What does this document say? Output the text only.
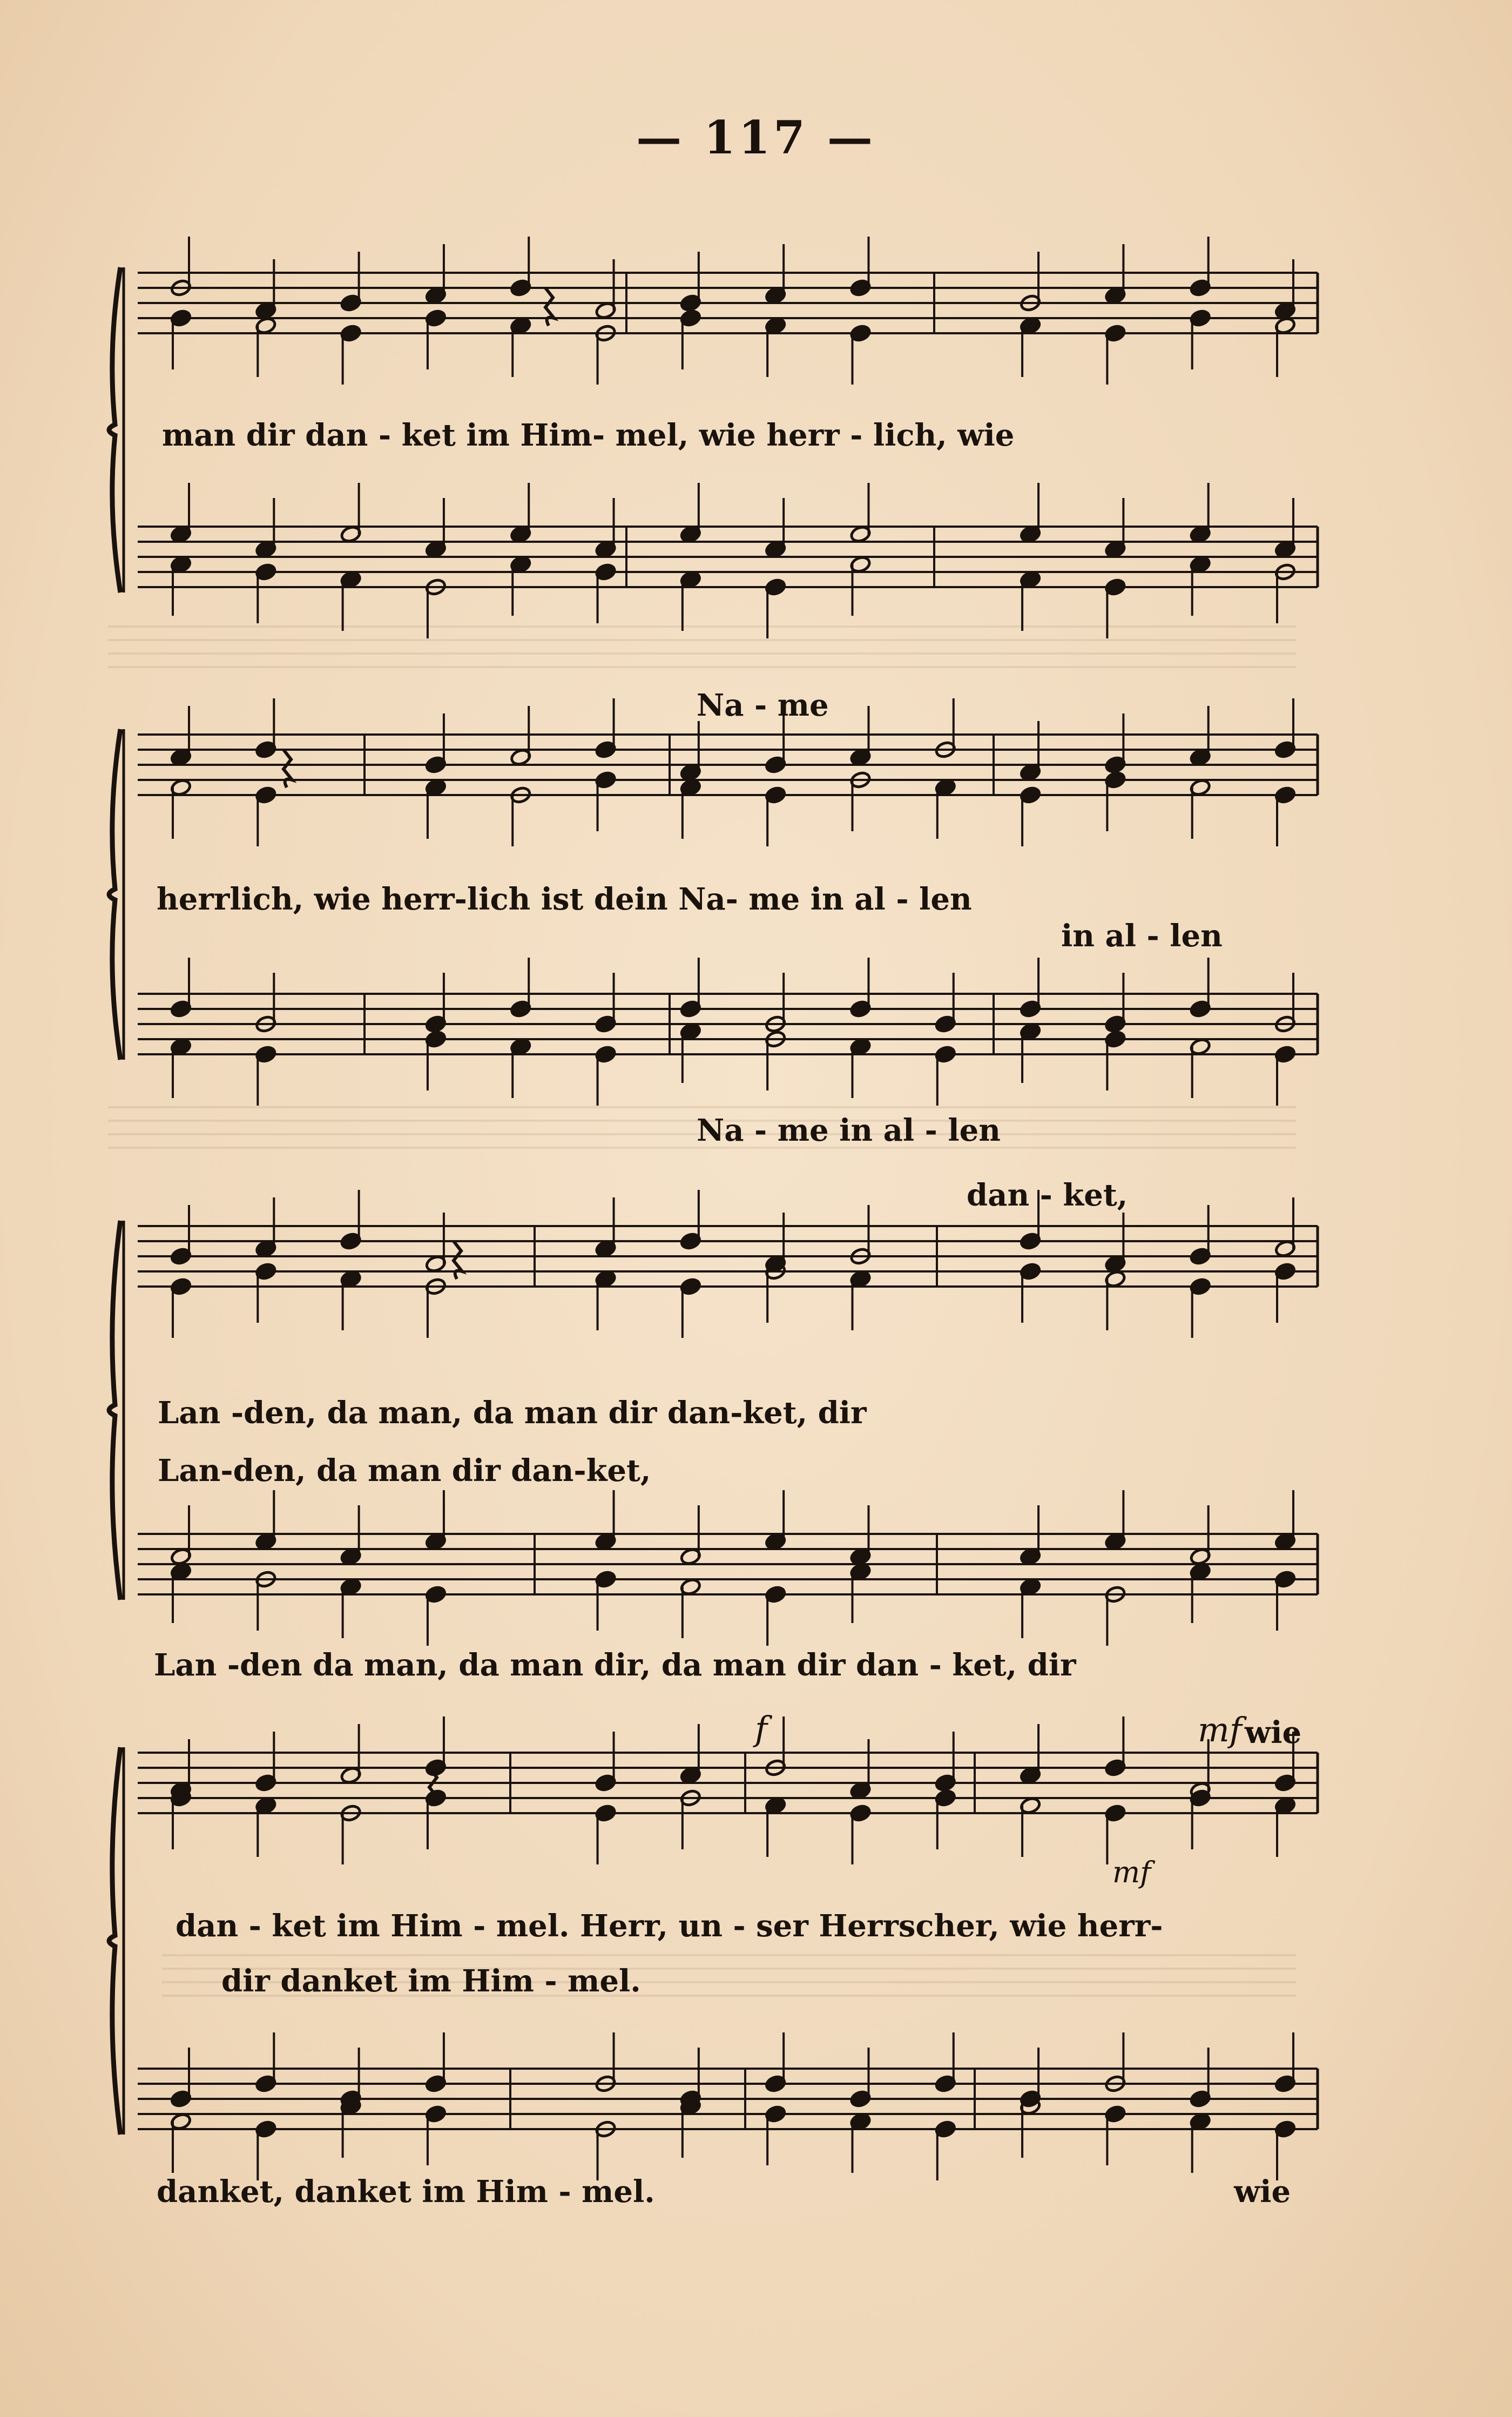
— 117 —
man dir dan - ket im Him- mel, wie herr - lich, wie
Na - me
herrlich, wie herr-lich ist dein Na- me in al - len
in al - len
Na - me in al - len
dan - ket,
Lan -den, da man, da man dir dan-ket, dir
Lan-den, da man dir dan-ket,
Lan -den da man, da man dir, da man dir dan - ket, dir
f	mf wie
mf
dan - ket im Him - mel. Herr, un - ser Herrscher, wie herr-
dir danket im Him - mel.
danket, danket im Him - mel.	wie
